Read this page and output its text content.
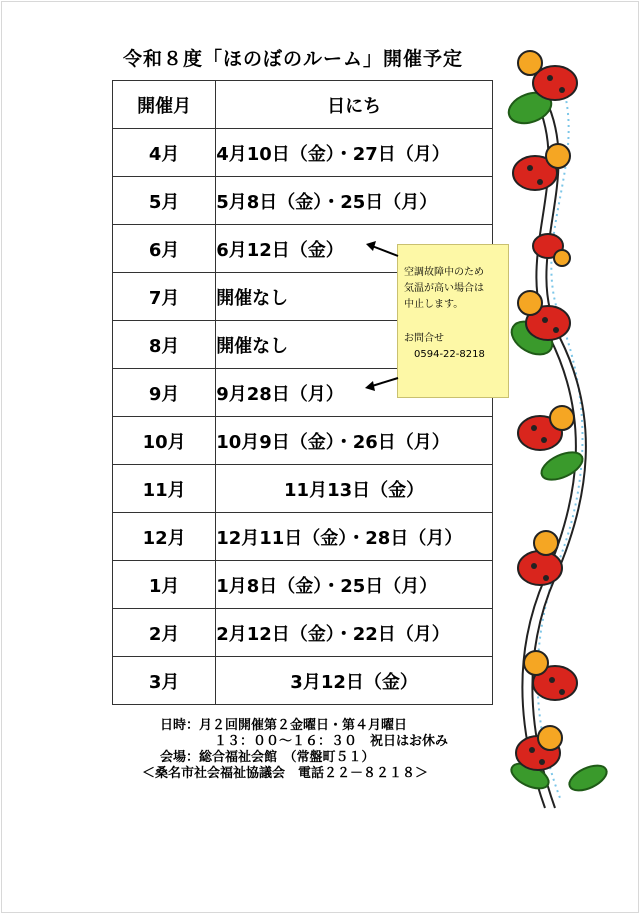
令和８度「ほのぼのルーム」開催予定
開催月	日にち
4月	4月10日（金）・27日（月）
5月	5月8日（金）・25日（月）
6月	6月12日（金）
7月	開催なし
8月	開催なし
9月	9月28日（月）
10月	10月9日（金）・26日（月）
11月	11月13日（金）
12月	12月11日（金）・28日（月）
1月	1月8日（金）・25日（月）
2月	2月12日（金）・22日（月）
3月	3月12日（金）
空調故障中のため
気温が高い場合は
中止します。
お問合せ
0594-22-8218
日時：月２回開催第２金曜日・第４月曜日
１３：００～１６：３０　祝日はお休み
会場：総合福祉会館　（常盤町５１）
＜桑名市社会福祉協議会　電話２２－８２１８＞
